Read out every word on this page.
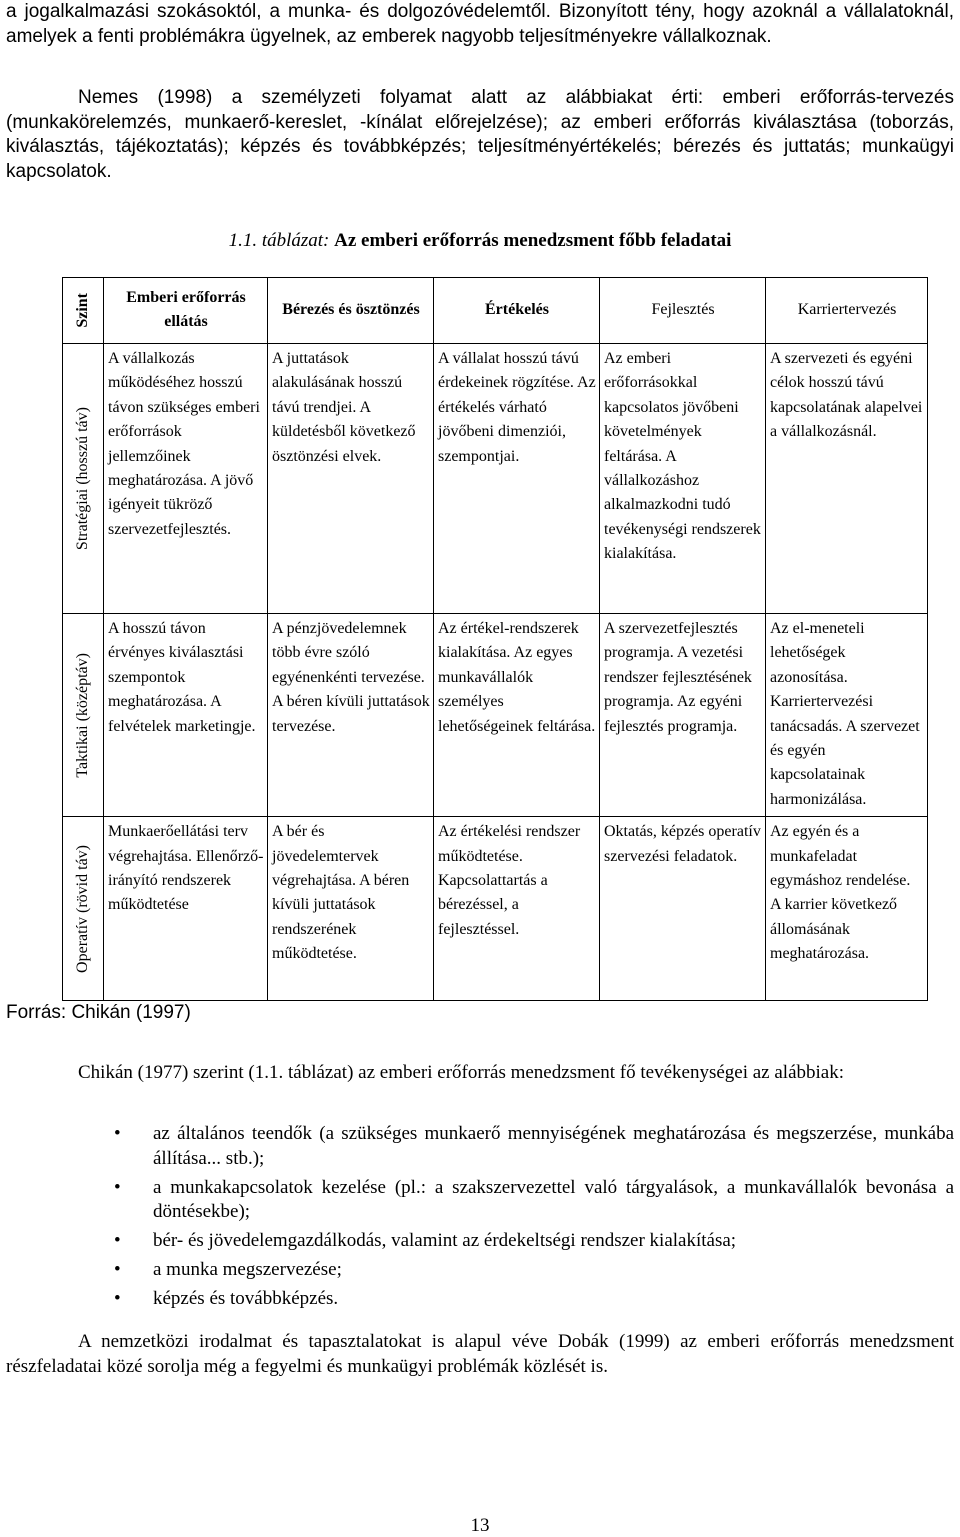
a jogalkalmazási szokásoktól, a munka- és dolgozóvédelemtől. Bizonyított tény, hogy azoknál a vállalatoknál, amelyek a fenti problémákra ügyelnek, az emberek nagyobb teljesítményekre vállalkoznak.

Nemes (1998) a személyzeti folyamat alatt az alábbiakat érti: emberi erőforrás-tervezés (munkakörelemzés, munkaerő-kereslet, -kínálat előrejelzése); az emberi erőforrás kiválasztása (toborzás, kiválasztás, tájékoztatás); képzés és továbbképzés; teljesítményértékelés; bérezés és juttatás; munkaügyi kapcsolatok.

1.1. táblázat: Az emberi erőforrás menedzsment főbb feladatai
Szint	Emberi erőforrás ellátás	Bérezés és ösztönzés	Értékelés	Fejlesztés	Karriertervezés

Stratégiai (hosszú táv)	A vállalkozás működéséhez hosszú távon szükséges emberi erőforrások jellemzőinek meghatározása. A jövő igényeit tükröző szervezetfejlesztés.	A juttatások alakulásának hosszú távú trendjei. A küldetésből következő ösztönzési elvek.	A vállalat hosszú távú érdekeinek rögzítése. Az értékelés várható jövőbeni dimenziói, szempontjai.	Az emberi erőforrásokkal kapcsolatos jövőbeni követelmények feltárása. A vállalkozáshoz alkalmazkodni tudó tevékenységi rendszerek kialakítása.	A szervezeti és egyéni célok hosszú távú kapcsolatának alapelvei a vállalkozásnál.

Taktikai (középtáv)	A hosszú távon érvényes kiválasztási szempontok meghatározása. A felvételek marketingje.	A pénzjövedelemnek több évre szóló egyénenkénti tervezése. A béren kívüli juttatások tervezése.	Az értékel-rendszerek kialakítása. Az egyes munkavállalók személyes lehetőségeinek feltárása.	A szervezetfejlesztés programja. A vezetési rendszer fejlesztésének programja. Az egyéni fejlesztés programja.	Az el-meneteli lehetőségek azonosítása. Karriertervezési tanácsadás. A szervezet és egyén kapcsolatainak harmonizálása.

Operatív (rövid táv)	Munkaerőellátási terv végrehajtása. Ellenőrző-irányító rendszerek működtetése	A bér és jövedelemtervek végrehajtása. A béren kívüli juttatások rendszerének működtetése.	Az értékelési rendszer működtetése. Kapcsolattartás a bérezéssel, a fejlesztéssel.	Oktatás, képzés operatív szervezési feladatok.	Az egyén és a munkafeladat egymáshoz rendelése. A karrier következő állomásának meghatározása.
Forrás: Chikán (1997)

Chikán (1977) szerint (1.1. táblázat) az emberi erőforrás menedzsment fő tevékenységei az alábbiak:

• az általános teendők (a szükséges munkaerő mennyiségének meghatározása és megszerzése, munkába állítása... stb.);
• a munkakapcsolatok kezelése (pl.: a szakszervezettel való tárgyalások, a munkavállalók bevonása a döntésekbe);
• bér- és jövedelemgazdálkodás, valamint az érdekeltségi rendszer kialakítása;
• a munka megszervezése;
• képzés és továbbképzés.

A nemzetközi irodalmat és tapasztalatokat is alapul véve Dobák (1999) az emberi erőforrás menedzsment részfeladatai közé sorolja még a fegyelmi és munkaügyi problémák közlését is.

13
